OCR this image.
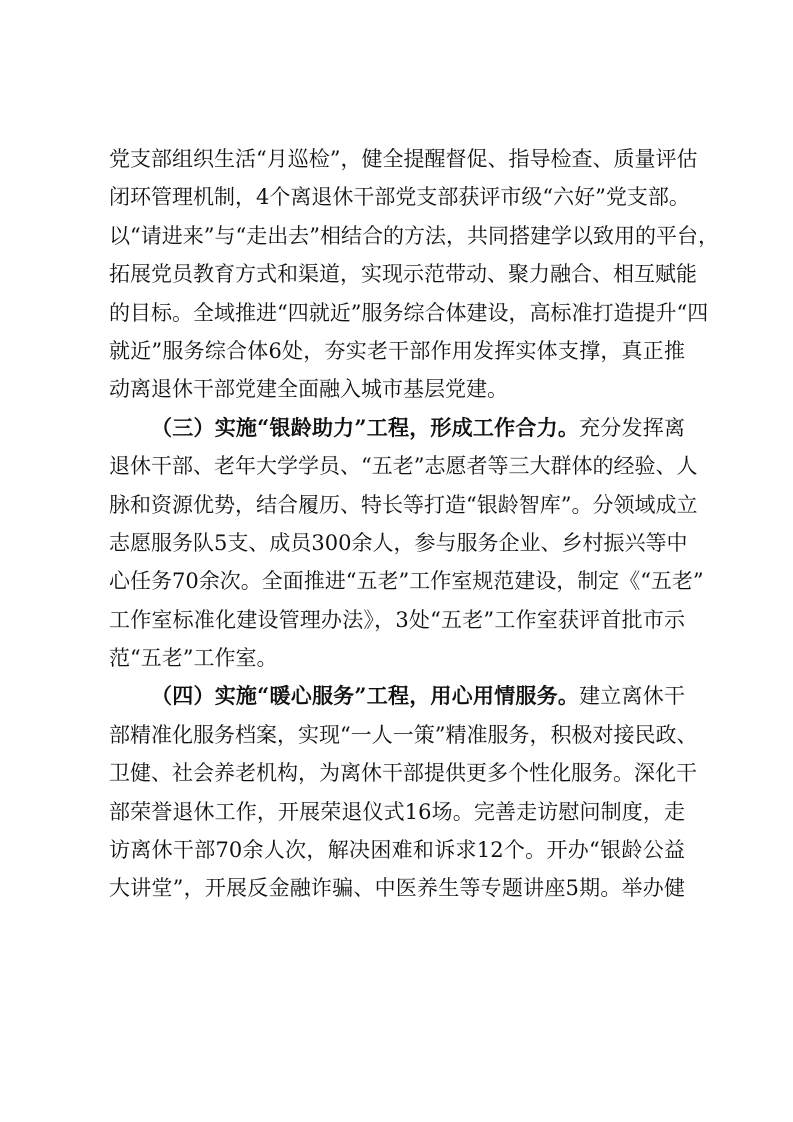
党支部组织生活“月巡检”，健全提醒督促、指导检查、质量评估
闭环管理机制，4个离退休干部党支部获评市级“六好”党支部。
以“请进来”与“走出去”相结合的方法，共同搭建学以致用的平台，
拓展党员教育方式和渠道，实现示范带动、聚力融合、相互赋能
的目标。全域推进“四就近”服务综合体建设，高标准打造提升“四
就近”服务综合体6处，夯实老干部作用发挥实体支撑，真正推
动离退休干部党建全面融入城市基层党建。
（三）实施“银龄助力”工程，形成工作合力。充分发挥离
退休干部、老年大学学员、“五老”志愿者等三大群体的经验、人
脉和资源优势，结合履历、特长等打造“银龄智库”。分领域成立
志愿服务队5支、成员300余人，参与服务企业、乡村振兴等中
心任务70余次。全面推进“五老”工作室规范建设，制定《“五老”
工作室标准化建设管理办法》，3处“五老”工作室获评首批市示
范“五老”工作室。
（四）实施“暖心服务”工程，用心用情服务。建立离休干
部精准化服务档案，实现“一人一策”精准服务，积极对接民政、
卫健、社会养老机构，为离休干部提供更多个性化服务。深化干
部荣誉退休工作，开展荣退仪式16场。完善走访慰问制度，走
访离休干部70余人次，解决困难和诉求12个。开办“银龄公益
大讲堂”，开展反金融诈骗、中医养生等专题讲座5期。举办健
